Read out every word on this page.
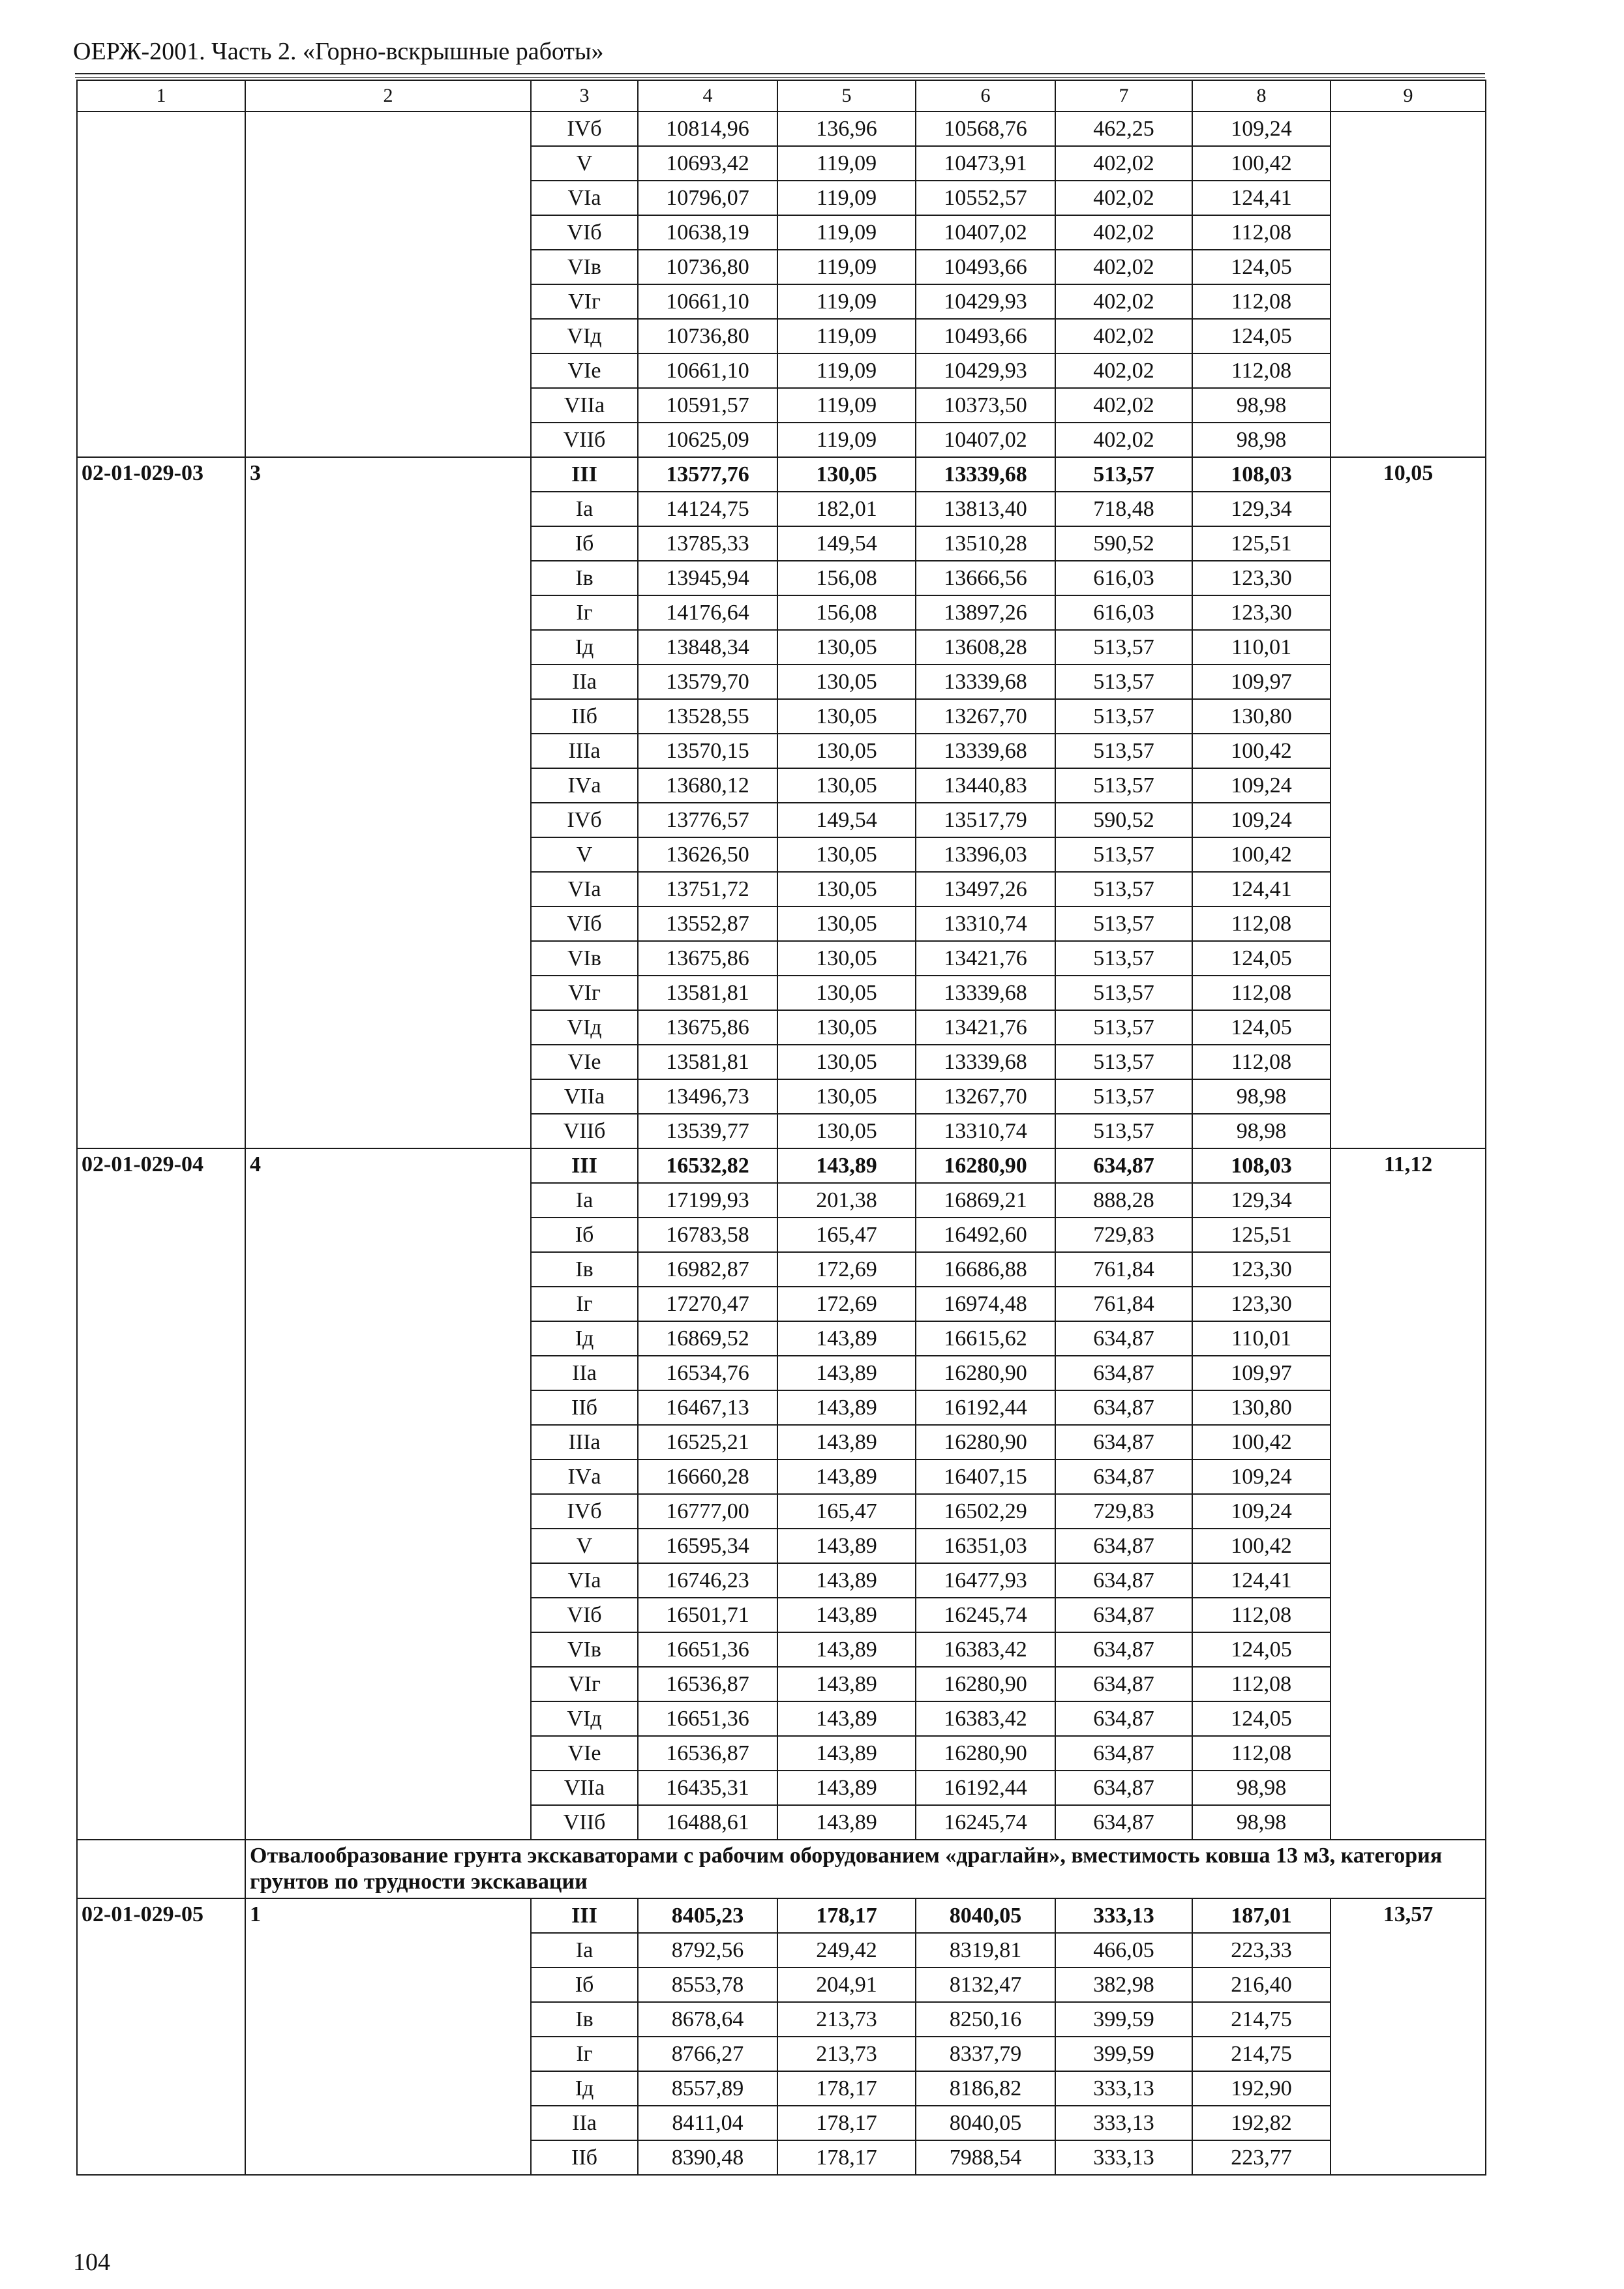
ОЕРЖ-2001. Часть 2. «Горно-вскрышные работы»
1	2	3	4	5	6	7	8	9
		IVб	10814,96	136,96	10568,76	462,25	109,24	
		V	10693,42	119,09	10473,91	402,02	100,42	
		VIа	10796,07	119,09	10552,57	402,02	124,41	
		VIб	10638,19	119,09	10407,02	402,02	112,08	
		VIв	10736,80	119,09	10493,66	402,02	124,05	
		VIг	10661,10	119,09	10429,93	402,02	112,08	
		VIд	10736,80	119,09	10493,66	402,02	124,05	
		VIе	10661,10	119,09	10429,93	402,02	112,08	
		VIIа	10591,57	119,09	10373,50	402,02	98,98	
		VIIб	10625,09	119,09	10407,02	402,02	98,98	
02-01-029-03	3	III	13577,76	130,05	13339,68	513,57	108,03	10,05
		Iа	14124,75	182,01	13813,40	718,48	129,34	
		Iб	13785,33	149,54	13510,28	590,52	125,51	
		Iв	13945,94	156,08	13666,56	616,03	123,30	
		Iг	14176,64	156,08	13897,26	616,03	123,30	
		Iд	13848,34	130,05	13608,28	513,57	110,01	
		IIа	13579,70	130,05	13339,68	513,57	109,97	
		IIб	13528,55	130,05	13267,70	513,57	130,80	
		IIIа	13570,15	130,05	13339,68	513,57	100,42	
		IVа	13680,12	130,05	13440,83	513,57	109,24	
		IVб	13776,57	149,54	13517,79	590,52	109,24	
		V	13626,50	130,05	13396,03	513,57	100,42	
		VIа	13751,72	130,05	13497,26	513,57	124,41	
		VIб	13552,87	130,05	13310,74	513,57	112,08	
		VIв	13675,86	130,05	13421,76	513,57	124,05	
		VIг	13581,81	130,05	13339,68	513,57	112,08	
		VIд	13675,86	130,05	13421,76	513,57	124,05	
		VIе	13581,81	130,05	13339,68	513,57	112,08	
		VIIа	13496,73	130,05	13267,70	513,57	98,98	
		VIIб	13539,77	130,05	13310,74	513,57	98,98	
02-01-029-04	4	III	16532,82	143,89	16280,90	634,87	108,03	11,12
		Iа	17199,93	201,38	16869,21	888,28	129,34	
		Iб	16783,58	165,47	16492,60	729,83	125,51	
		Iв	16982,87	172,69	16686,88	761,84	123,30	
		Iг	17270,47	172,69	16974,48	761,84	123,30	
		Iд	16869,52	143,89	16615,62	634,87	110,01	
		IIа	16534,76	143,89	16280,90	634,87	109,97	
		IIб	16467,13	143,89	16192,44	634,87	130,80	
		IIIа	16525,21	143,89	16280,90	634,87	100,42	
		IVа	16660,28	143,89	16407,15	634,87	109,24	
		IVб	16777,00	165,47	16502,29	729,83	109,24	
		V	16595,34	143,89	16351,03	634,87	100,42	
		VIа	16746,23	143,89	16477,93	634,87	124,41	
		VIб	16501,71	143,89	16245,74	634,87	112,08	
		VIв	16651,36	143,89	16383,42	634,87	124,05	
		VIг	16536,87	143,89	16280,90	634,87	112,08	
		VIд	16651,36	143,89	16383,42	634,87	124,05	
		VIе	16536,87	143,89	16280,90	634,87	112,08	
		VIIа	16435,31	143,89	16192,44	634,87	98,98	
		VIIб	16488,61	143,89	16245,74	634,87	98,98	
	Отвалообразование грунта экскаваторами с рабочим оборудованием «драглайн», вместимость ковша 13 м3, категория грунтов по трудности экскавации							
02-01-029-05	1	III	8405,23	178,17	8040,05	333,13	187,01	13,57
		Iа	8792,56	249,42	8319,81	466,05	223,33	
		Iб	8553,78	204,91	8132,47	382,98	216,40	
		Iв	8678,64	213,73	8250,16	399,59	214,75	
		Iг	8766,27	213,73	8337,79	399,59	214,75	
		Iд	8557,89	178,17	8186,82	333,13	192,90	
		IIа	8411,04	178,17	8040,05	333,13	192,82	
		IIб	8390,48	178,17	7988,54	333,13	223,77	
104
